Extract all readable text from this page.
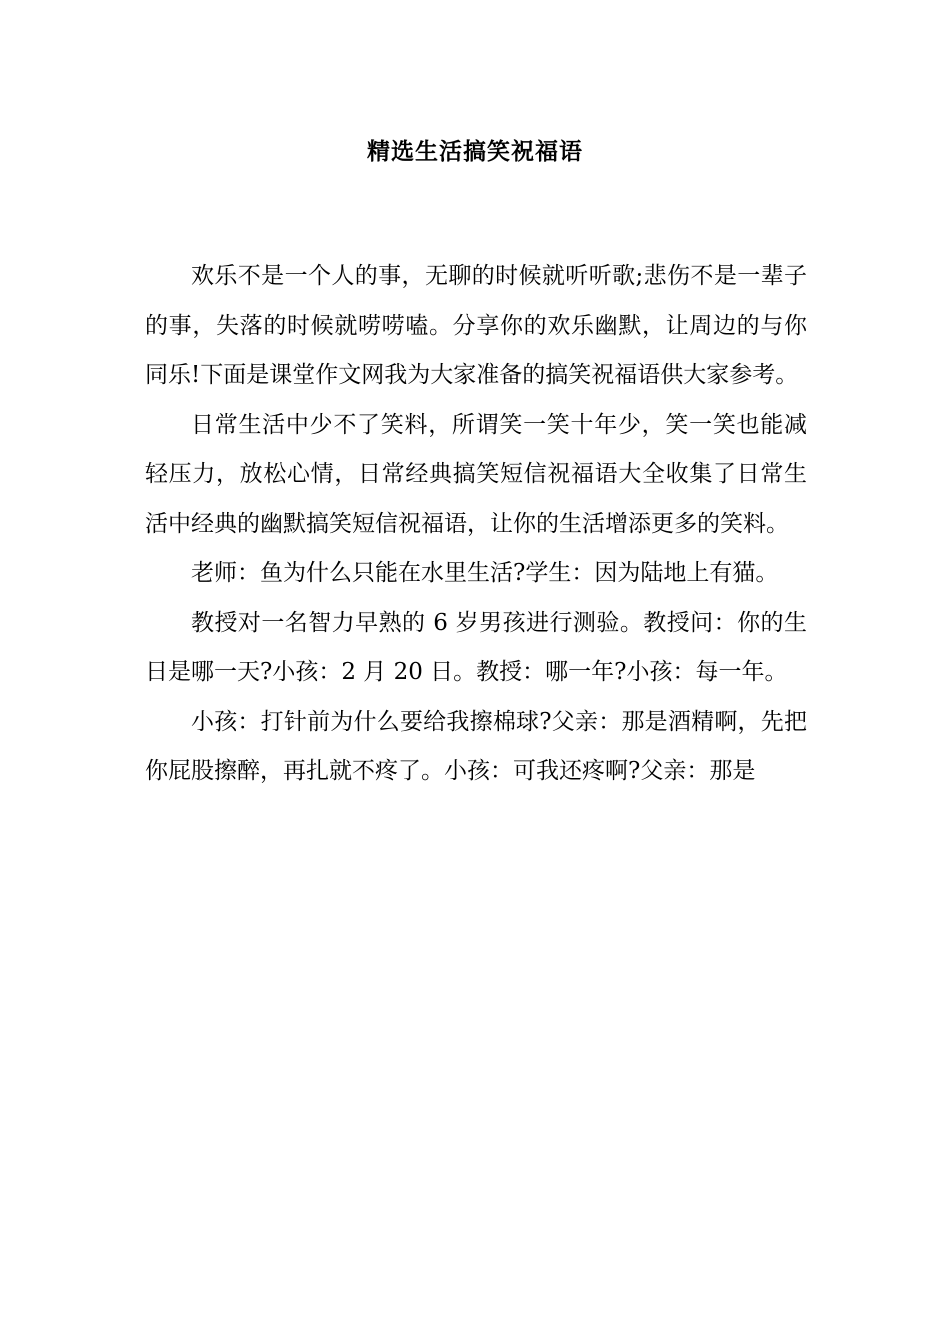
精选生活搞笑祝福语

欢乐不是一个人的事，无聊的时候就听听歌;悲伤不是一辈子的事，失落的时候就唠唠嗑。分享你的欢乐幽默，让周边的与你同乐!下面是课堂作文网我为大家准备的搞笑祝福语供大家参考。

日常生活中少不了笑料，所谓笑一笑十年少，笑一笑也能减轻压力，放松心情，日常经典搞笑短信祝福语大全收集了日常生活中经典的幽默搞笑短信祝福语，让你的生活增添更多的笑料。

老师：鱼为什么只能在水里生活?学生：因为陆地上有猫。

教授对一名智力早熟的 6 岁男孩进行测验。教授问：你的生日是哪一天?小孩：2 月 20 日。教授：哪一年?小孩：每一年。

小孩：打针前为什么要给我擦棉球?父亲：那是酒精啊，先把你屁股擦醉，再扎就不疼了。小孩：可我还疼啊?父亲：那是
